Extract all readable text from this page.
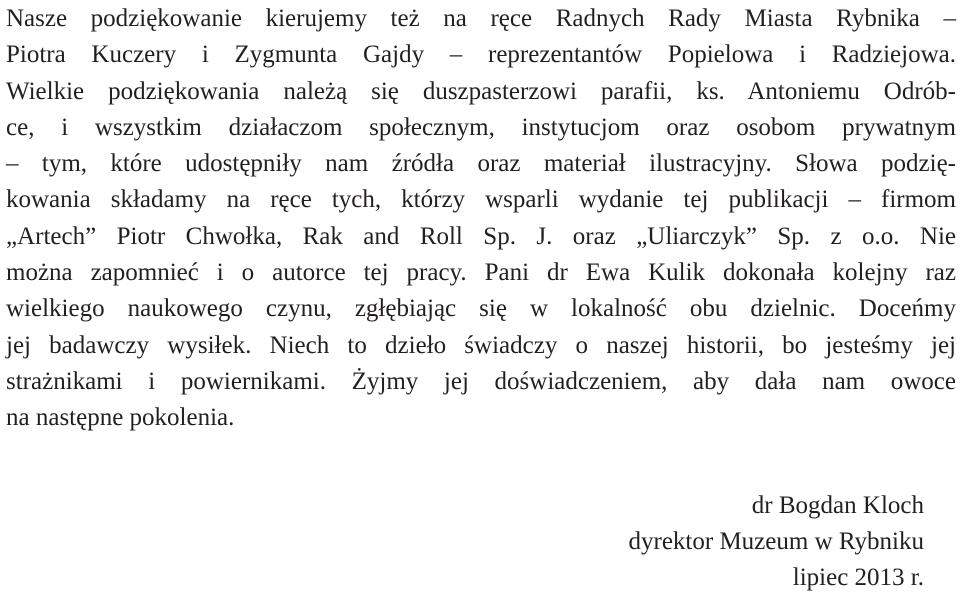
Nasze podziękowanie kierujemy też na ręce Radnych Rady Miasta Rybnika –
Piotra Kuczery i Zygmunta Gajdy – reprezentantów Popielowa i Radziejowa.
Wielkie podziękowania należą się duszpasterzowi parafii, ks. Antoniemu Odrób-
ce, i wszystkim działaczom społecznym, instytucjom oraz osobom prywatnym
– tym, które udostępniły nam źródła oraz materiał ilustracyjny. Słowa podzię-
kowania składamy na ręce tych, którzy wsparli wydanie tej publikacji – firmom
„Artech” Piotr Chwołka, Rak and Roll Sp. J. oraz „Uliarczyk” Sp. z o.o. Nie
można zapomnieć i o autorce tej pracy. Pani dr Ewa Kulik dokonała kolejny raz
wielkiego naukowego czynu, zgłębiając się w lokalność obu dzielnic. Doceńmy
jej badawczy wysiłek. Niech to dzieło świadczy o naszej historii, bo jesteśmy jej
strażnikami i powiernikami. Żyjmy jej doświadczeniem, aby dała nam owoce
na następne pokolenia.
dr Bogdan Kloch
dyrektor Muzeum w Rybniku
lipiec 2013 r.
